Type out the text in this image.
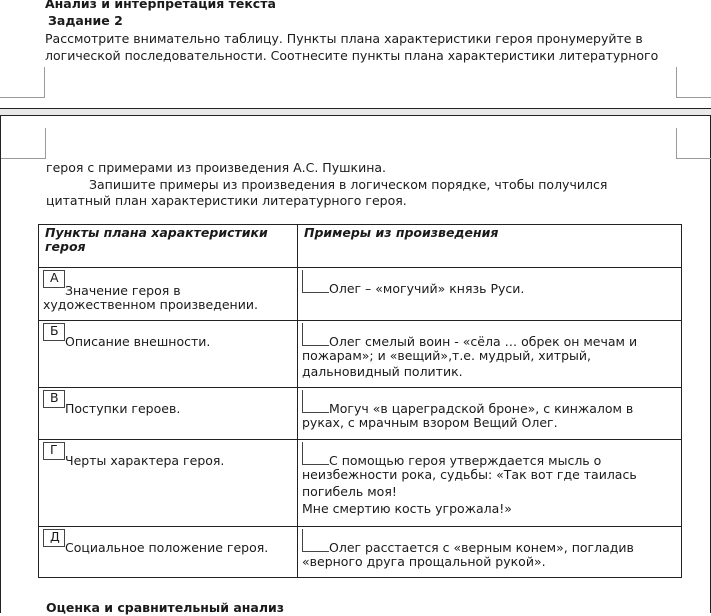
Анализ и интерпретация текста
Задание 2
Рассмотрите внимательно таблицу. Пункты плана характеристики героя пронумеруйте в
логической последовательности. Соотнесите пункты плана характеристики литературного
героя с примерами из произведения А.С. Пушкина.
Запишите примеры из произведения в логическом порядке, чтобы получился
цитатный план характеристики литературного героя.
Пункты плана характеристики героя	Примеры из произведения

АЗначение героя в
художественном произведении.	Олег – «могучий» князь Руси.

БОписание внешности.	Олег смелый воин - «сёла … обрек он мечам и
пожарам»; и «вещий»,т.е. мудрый, хитрый,
дальновидный политик.

ВПоступки героев.	Могуч «в цареградской броне», с кинжалом в
руках, с мрачным взором Вещий Олег.

ГЧерты характера героя.	С помощью героя утверждается мысль о
неизбежности рока, судьбы: «Так вот где таилась
погибель моя!
Мне смертию кость угрожала!»

ДСоциальное положение героя.	Олег расстается с «верным конем», погладив
«верного друга прощальной рукой».
Оценка и сравнительный анализ
